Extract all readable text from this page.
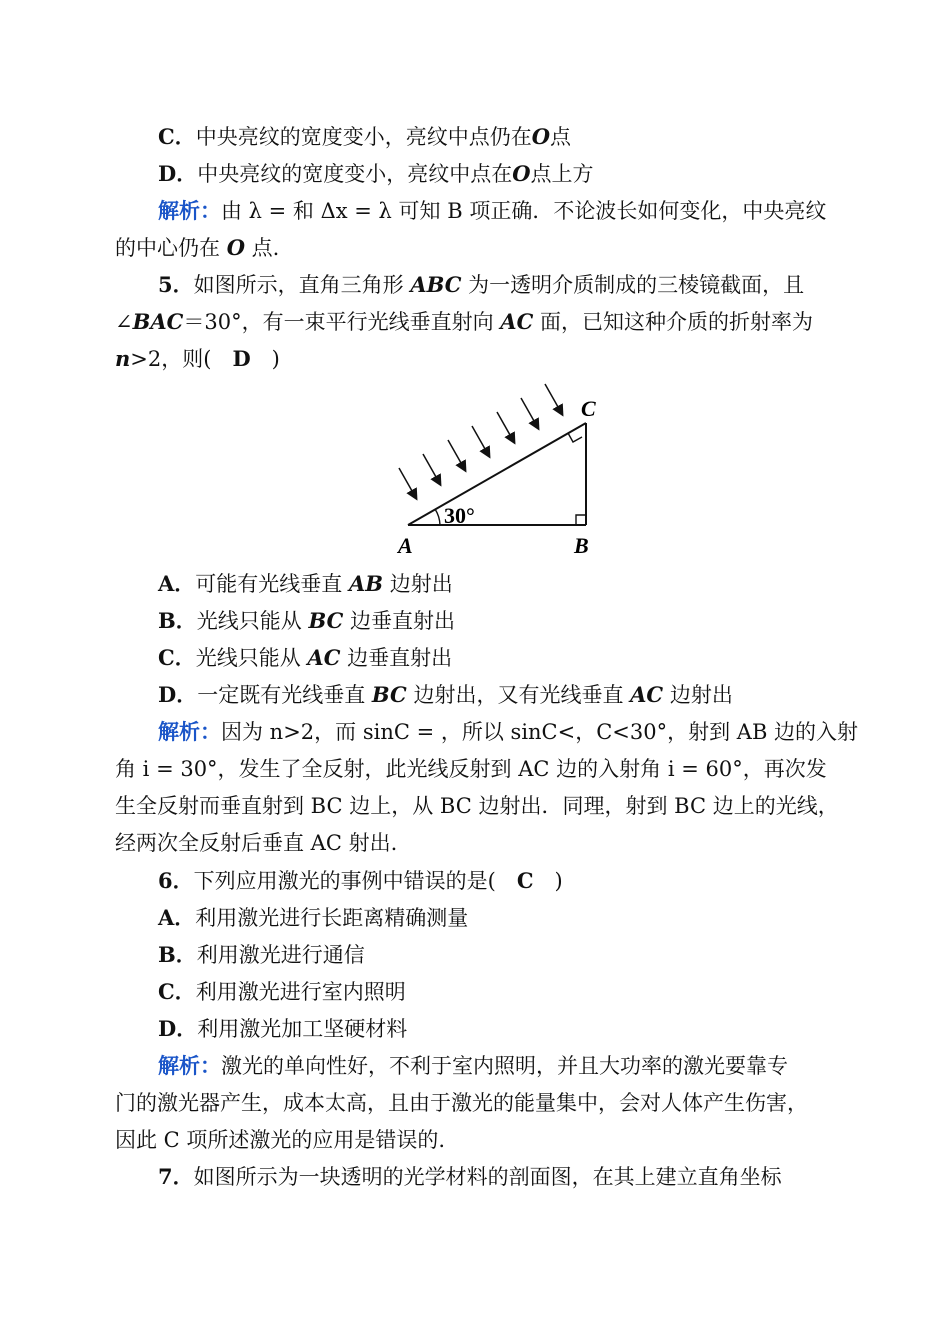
C．中央亮纹的宽度变小，亮纹中点仍在O点
D．中央亮纹的宽度变小，亮纹中点在O点上方
解析：由 λ = 和 Δx = λ 可知 B 项正确．不论波长如何变化，中央亮纹
的中心仍在 O 点.
5．如图所示，直角三角形 ABC 为一透明介质制成的三棱镜截面，且
∠BAC＝30°，有一束平行光线垂直射向 AC 面，已知这种介质的折射率为
n>2，则(　D　)
A	B
C
30°
A．可能有光线垂直 AB 边射出
B．光线只能从 BC 边垂直射出
C．光线只能从 AC 边垂直射出
D．一定既有光线垂直 BC 边射出，又有光线垂直 AC 边射出
解析：因为 n>2，而 sinC = ，所以 sinC<，C<30°，射到 AB 边的入射
角 i = 30°，发生了全反射，此光线反射到 AC 边的入射角 i = 60°，再次发
生全反射而垂直射到 BC 边上，从 BC 边射出．同理，射到 BC 边上的光线，
经两次全反射后垂直 AC 射出.
6．下列应用激光的事例中错误的是(　C　)
A．利用激光进行长距离精确测量
B．利用激光进行通信
C．利用激光进行室内照明
D．利用激光加工坚硬材料
解析：激光的单向性好，不利于室内照明，并且大功率的激光要靠专
门的激光器产生，成本太高，且由于激光的能量集中，会对人体产生伤害，
因此 C 项所述激光的应用是错误的.
7．如图所示为一块透明的光学材料的剖面图，在其上建立直角坐标
